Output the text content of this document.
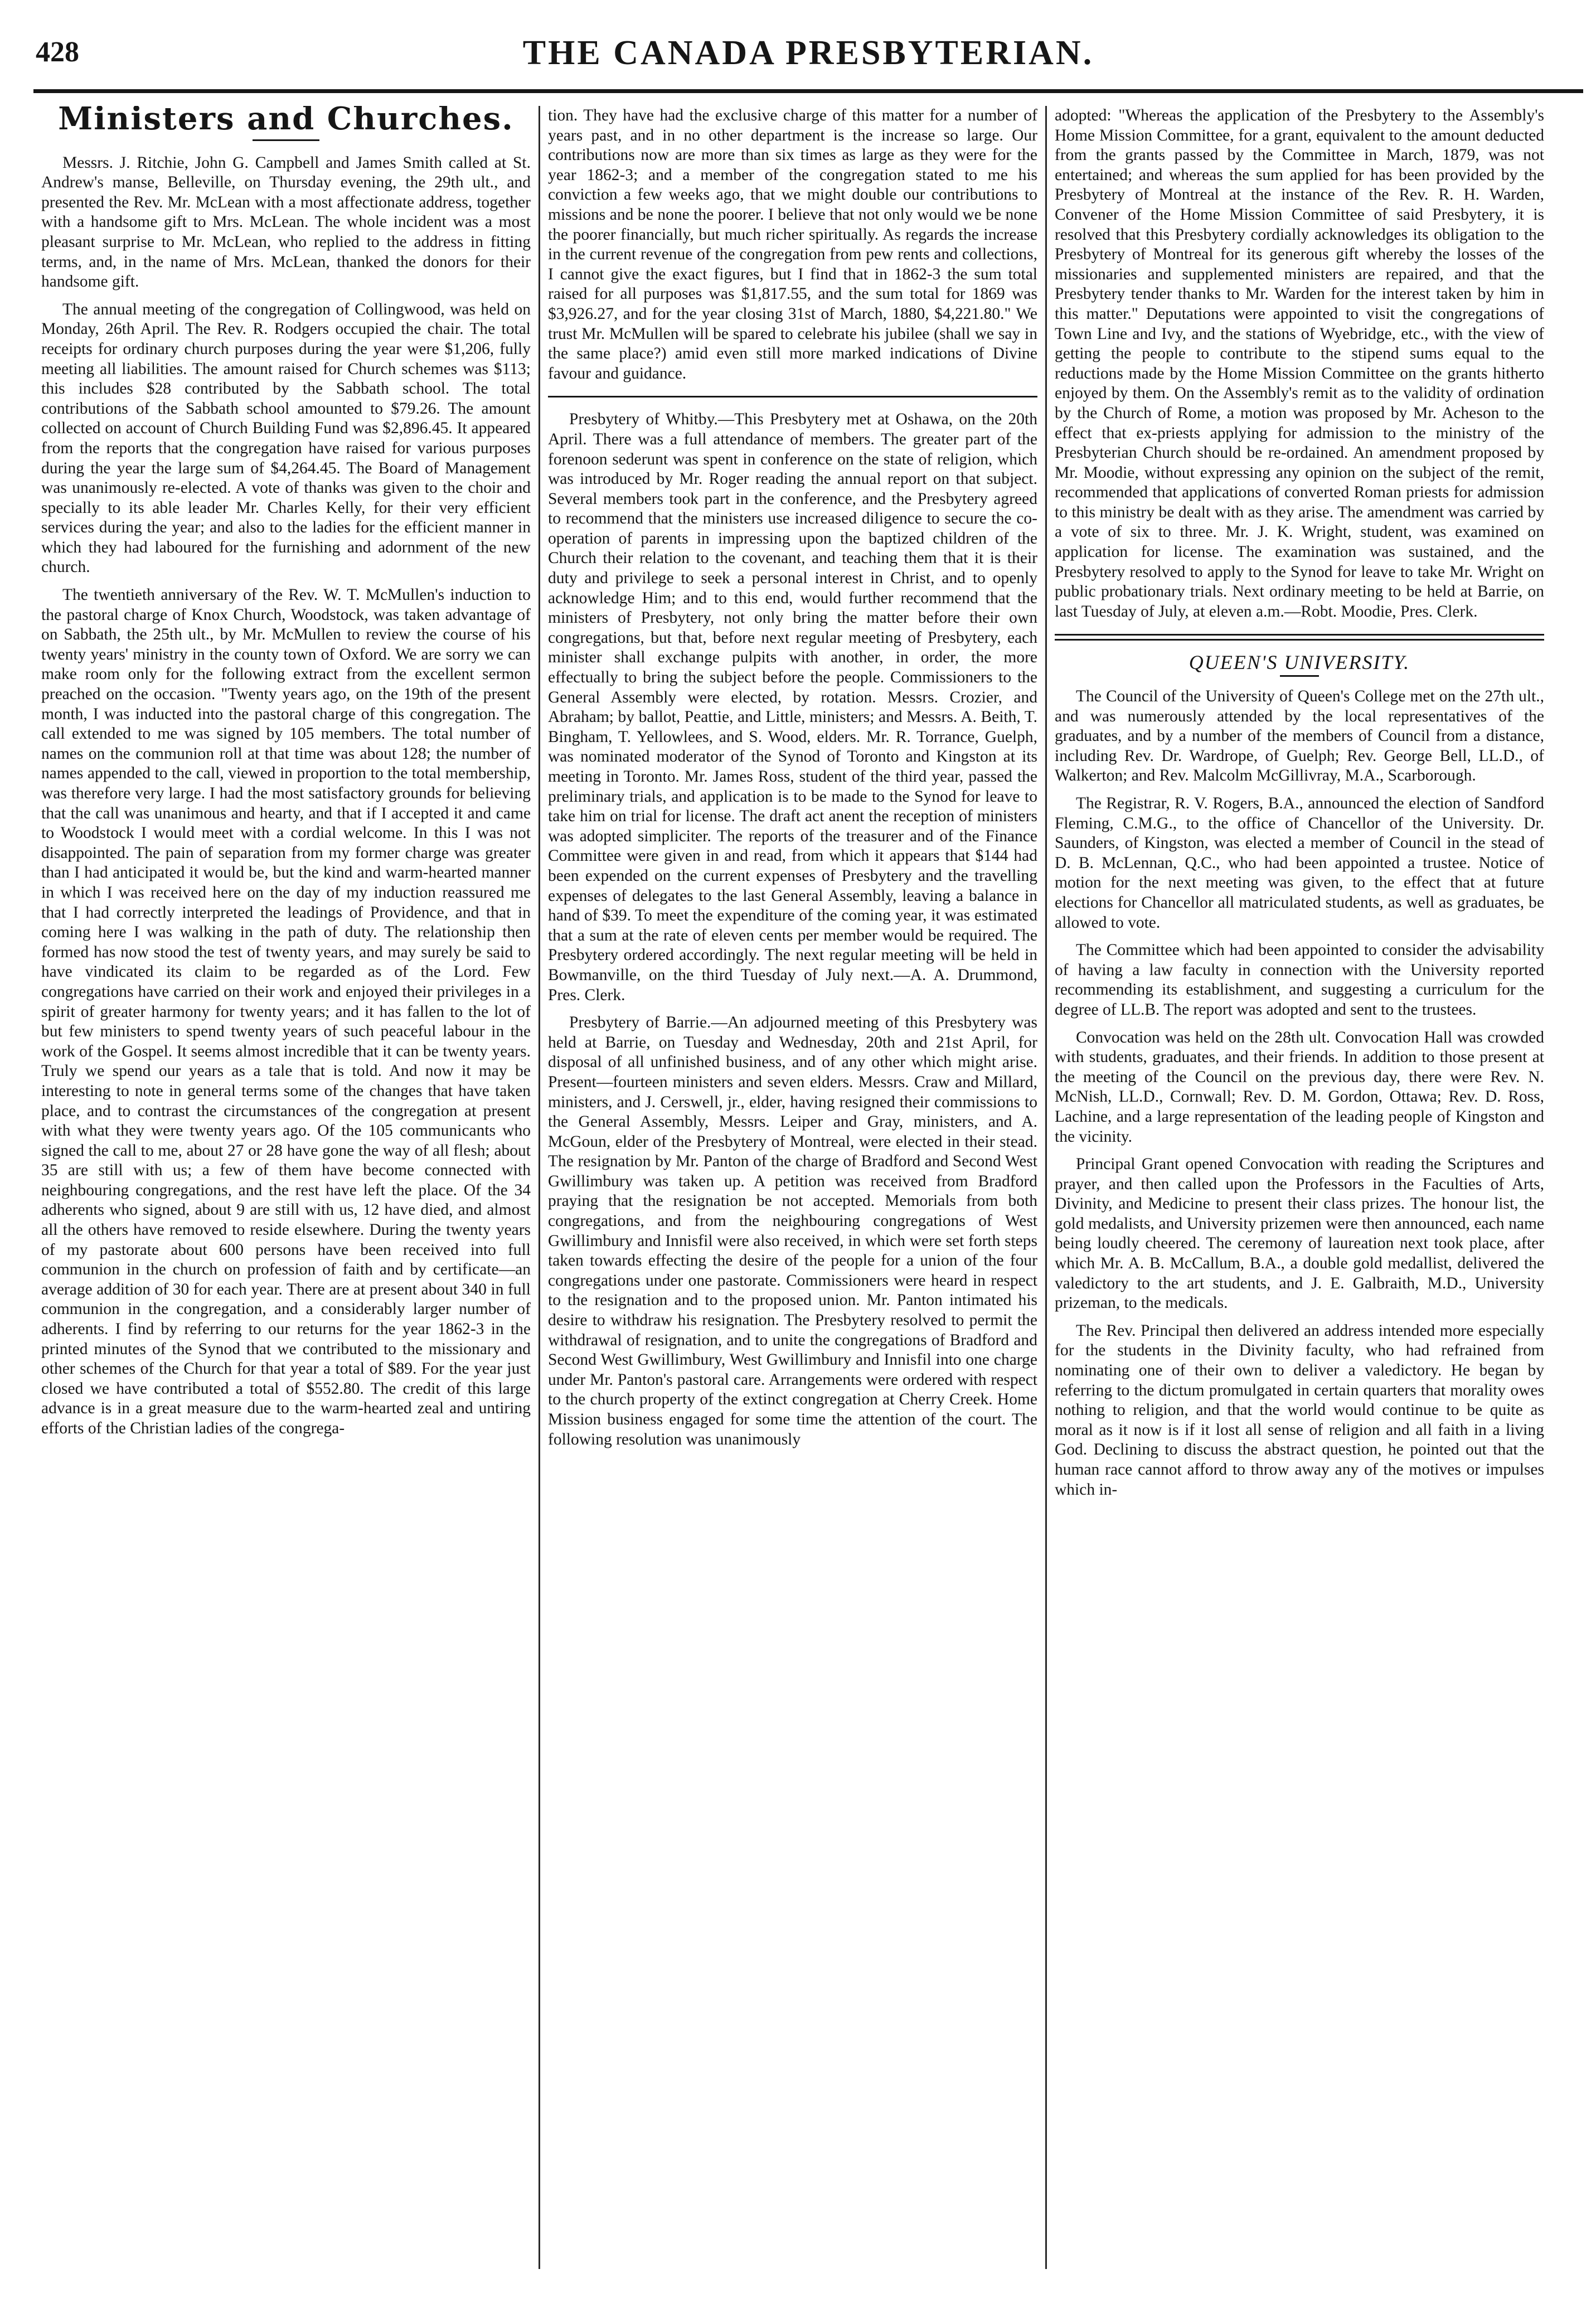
428	THE CANADA PRESBYTERIAN.
Ministers and Churches.

Messrs. J. Ritchie, John G. Campbell and James Smith called at St. Andrew's manse, Belleville, on Thursday evening, the 29th ult., and presented the Rev. Mr. McLean with a most affectionate address, together with a handsome gift to Mrs. McLean. The whole incident was a most pleasant surprise to Mr. McLean, who replied to the address in fitting terms, and, in the name of Mrs. McLean, thanked the donors for their handsome gift.

The annual meeting of the congregation of Collingwood, was held on Monday, 26th April. The Rev. R. Rodgers occupied the chair. The total receipts for ordinary church purposes during the year were $1,206, fully meeting all liabilities. The amount raised for Church schemes was $113; this includes $28 contributed by the Sabbath school. The total contributions of the Sabbath school amounted to $79.26. The amount collected on account of Church Building Fund was $2,896.45. It appeared from the reports that the congregation have raised for various purposes during the year the large sum of $4,264.45. The Board of Management was unanimously re-elected. A vote of thanks was given to the choir and specially to its able leader Mr. Charles Kelly, for their very efficient services during the year; and also to the ladies for the efficient manner in which they had laboured for the furnishing and adornment of the new church.

The twentieth anniversary of the Rev. W. T. McMullen's induction to the pastoral charge of Knox Church, Woodstock, was taken advantage of on Sabbath, the 25th ult., by Mr. McMullen to review the course of his twenty years' ministry in the county town of Oxford. We are sorry we can make room only for the following extract from the excellent sermon preached on the occasion. "Twenty years ago, on the 19th of the present month, I was inducted into the pastoral charge of this congregation. The call extended to me was signed by 105 members. The total number of names on the communion roll at that time was about 128; the number of names appended to the call, viewed in proportion to the total membership, was therefore very large. I had the most satisfactory grounds for believing that the call was unanimous and hearty, and that if I accepted it and came to Woodstock I would meet with a cordial welcome. In this I was not disappointed. The pain of separation from my former charge was greater than I had anticipated it would be, but the kind and warm-hearted manner in which I was received here on the day of my induction reassured me that I had correctly interpreted the leadings of Providence, and that in coming here I was walking in the path of duty. The relationship then formed has now stood the test of twenty years, and may surely be said to have vindicated its claim to be regarded as of the Lord. Few congregations have carried on their work and enjoyed their privileges in a spirit of greater harmony for twenty years; and it has fallen to the lot of but few ministers to spend twenty years of such peaceful labour in the work of the Gospel. It seems almost incredible that it can be twenty years. Truly we spend our years as a tale that is told. And now it may be interesting to note in general terms some of the changes that have taken place, and to contrast the circumstances of the congregation at present with what they were twenty years ago. Of the 105 communicants who signed the call to me, about 27 or 28 have gone the way of all flesh; about 35 are still with us; a few of them have become connected with neighbouring congregations, and the rest have left the place. Of the 34 adherents who signed, about 9 are still with us, 12 have died, and almost all the others have removed to reside elsewhere. During the twenty years of my pastorate about 600 persons have been received into full communion in the church on profession of faith and by certificate—an average addition of 30 for each year. There are at present about 340 in full communion in the congregation, and a considerably larger number of adherents. I find by referring to our returns for the year 1862-3 in the printed minutes of the Synod that we contributed to the missionary and other schemes of the Church for that year a total of $89. For the year just closed we have contributed a total of $552.80. The credit of this large advance is in a great measure due to the warm-hearted zeal and untiring efforts of the Christian ladies of the congrega-

tion. They have had the exclusive charge of this matter for a number of years past, and in no other department is the increase so large. Our contributions now are more than six times as large as they were for the year 1862-3; and a member of the congregation stated to me his conviction a few weeks ago, that we might double our contributions to missions and be none the poorer. I believe that not only would we be none the poorer financially, but much richer spiritually. As regards the increase in the current revenue of the congregation from pew rents and collections, I cannot give the exact figures, but I find that in 1862-3 the sum total raised for all purposes was $1,817.55, and the sum total for 1869 was $3,926.27, and for the year closing 31st of March, 1880, $4,221.80." We trust Mr. McMullen will be spared to celebrate his jubilee (shall we say in the same place?) amid even still more marked indications of Divine favour and guidance.

Presbytery of Whitby.—This Presbytery met at Oshawa, on the 20th April. There was a full attendance of members. The greater part of the forenoon sederunt was spent in conference on the state of religion, which was introduced by Mr. Roger reading the annual report on that subject. Several members took part in the conference, and the Presbytery agreed to recommend that the ministers use increased diligence to secure the co-operation of parents in impressing upon the baptized children of the Church their relation to the covenant, and teaching them that it is their duty and privilege to seek a personal interest in Christ, and to openly acknowledge Him; and to this end, would further recommend that the ministers of Presbytery, not only bring the matter before their own congregations, but that, before next regular meeting of Presbytery, each minister shall exchange pulpits with another, in order, the more effectually to bring the subject before the people. Commissioners to the General Assembly were elected, by rotation. Messrs. Crozier, and Abraham; by ballot, Peattie, and Little, ministers; and Messrs. A. Beith, T. Bingham, T. Yellowlees, and S. Wood, elders. Mr. R. Torrance, Guelph, was nominated moderator of the Synod of Toronto and Kingston at its meeting in Toronto. Mr. James Ross, student of the third year, passed the preliminary trials, and application is to be made to the Synod for leave to take him on trial for license. The draft act anent the reception of ministers was adopted simpliciter. The reports of the treasurer and of the Finance Committee were given in and read, from which it appears that $144 had been expended on the current expenses of Presbytery and the travelling expenses of delegates to the last General Assembly, leaving a balance in hand of $39. To meet the expenditure of the coming year, it was estimated that a sum at the rate of eleven cents per member would be required. The Presbytery ordered accordingly. The next regular meeting will be held in Bowmanville, on the third Tuesday of July next.—A. A. Drummond, Pres. Clerk.

Presbytery of Barrie.—An adjourned meeting of this Presbytery was held at Barrie, on Tuesday and Wednesday, 20th and 21st April, for disposal of all unfinished business, and of any other which might arise. Present—fourteen ministers and seven elders. Messrs. Craw and Millard, ministers, and J. Cerswell, jr., elder, having resigned their commissions to the General Assembly, Messrs. Leiper and Gray, ministers, and A. McGoun, elder of the Presbytery of Montreal, were elected in their stead. The resignation by Mr. Panton of the charge of Bradford and Second West Gwillimbury was taken up. A petition was received from Bradford praying that the resignation be not accepted. Memorials from both congregations, and from the neighbouring congregations of West Gwillimbury and Innisfil were also received, in which were set forth steps taken towards effecting the desire of the people for a union of the four congregations under one pastorate. Commissioners were heard in respect to the resignation and to the proposed union. Mr. Panton intimated his desire to withdraw his resignation. The Presbytery resolved to permit the withdrawal of resignation, and to unite the congregations of Bradford and Second West Gwillimbury, West Gwillimbury and Innisfil into one charge under Mr. Panton's pastoral care. Arrangements were ordered with respect to the church property of the extinct congregation at Cherry Creek. Home Mission business engaged for some time the attention of the court. The following resolution was unanimously

adopted: "Whereas the application of the Presbytery to the Assembly's Home Mission Committee, for a grant, equivalent to the amount deducted from the grants passed by the Committee in March, 1879, was not entertained; and whereas the sum applied for has been provided by the Presbytery of Montreal at the instance of the Rev. R. H. Warden, Convener of the Home Mission Committee of said Presbytery, it is resolved that this Presbytery cordially acknowledges its obligation to the Presbytery of Montreal for its generous gift whereby the losses of the missionaries and supplemented ministers are repaired, and that the Presbytery tender thanks to Mr. Warden for the interest taken by him in this matter." Deputations were appointed to visit the congregations of Town Line and Ivy, and the stations of Wyebridge, etc., with the view of getting the people to contribute to the stipend sums equal to the reductions made by the Home Mission Committee on the grants hitherto enjoyed by them. On the Assembly's remit as to the validity of ordination by the Church of Rome, a motion was proposed by Mr. Acheson to the effect that ex-priests applying for admission to the ministry of the Presbyterian Church should be re-ordained. An amendment proposed by Mr. Moodie, without expressing any opinion on the subject of the remit, recommended that applications of converted Roman priests for admission to this ministry be dealt with as they arise. The amendment was carried by a vote of six to three. Mr. J. K. Wright, student, was examined on application for license. The examination was sustained, and the Presbytery resolved to apply to the Synod for leave to take Mr. Wright on public probationary trials. Next ordinary meeting to be held at Barrie, on last Tuesday of July, at eleven a.m.—Robt. Moodie, Pres. Clerk.

QUEEN'S UNIVERSITY.

The Council of the University of Queen's College met on the 27th ult., and was numerously attended by the local representatives of the graduates, and by a number of the members of Council from a distance, including Rev. Dr. Wardrope, of Guelph; Rev. George Bell, LL.D., of Walkerton; and Rev. Malcolm McGillivray, M.A., Scarborough.

The Registrar, R. V. Rogers, B.A., announced the election of Sandford Fleming, C.M.G., to the office of Chancellor of the University. Dr. Saunders, of Kingston, was elected a member of Council in the stead of D. B. McLennan, Q.C., who had been appointed a trustee. Notice of motion for the next meeting was given, to the effect that at future elections for Chancellor all matriculated students, as well as graduates, be allowed to vote.

The Committee which had been appointed to consider the advisability of having a law faculty in connection with the University reported recommending its establishment, and suggesting a curriculum for the degree of LL.B. The report was adopted and sent to the trustees.

Convocation was held on the 28th ult. Convocation Hall was crowded with students, graduates, and their friends. In addition to those present at the meeting of the Council on the previous day, there were Rev. N. McNish, LL.D., Cornwall; Rev. D. M. Gordon, Ottawa; Rev. D. Ross, Lachine, and a large representation of the leading people of Kingston and the vicinity.

Principal Grant opened Convocation with reading the Scriptures and prayer, and then called upon the Professors in the Faculties of Arts, Divinity, and Medicine to present their class prizes. The honour list, the gold medalists, and University prizemen were then announced, each name being loudly cheered. The ceremony of laureation next took place, after which Mr. A. B. McCallum, B.A., a double gold medallist, delivered the valedictory to the art students, and J. E. Galbraith, M.D., University prizeman, to the medicals.

The Rev. Principal then delivered an address intended more especially for the students in the Divinity faculty, who had refrained from nominating one of their own to deliver a valedictory. He began by referring to the dictum promulgated in certain quarters that morality owes nothing to religion, and that the world would continue to be quite as moral as it now is if it lost all sense of religion and all faith in a living God. Declining to discuss the abstract question, he pointed out that the human race cannot afford to throw away any of the motives or impulses which in-
